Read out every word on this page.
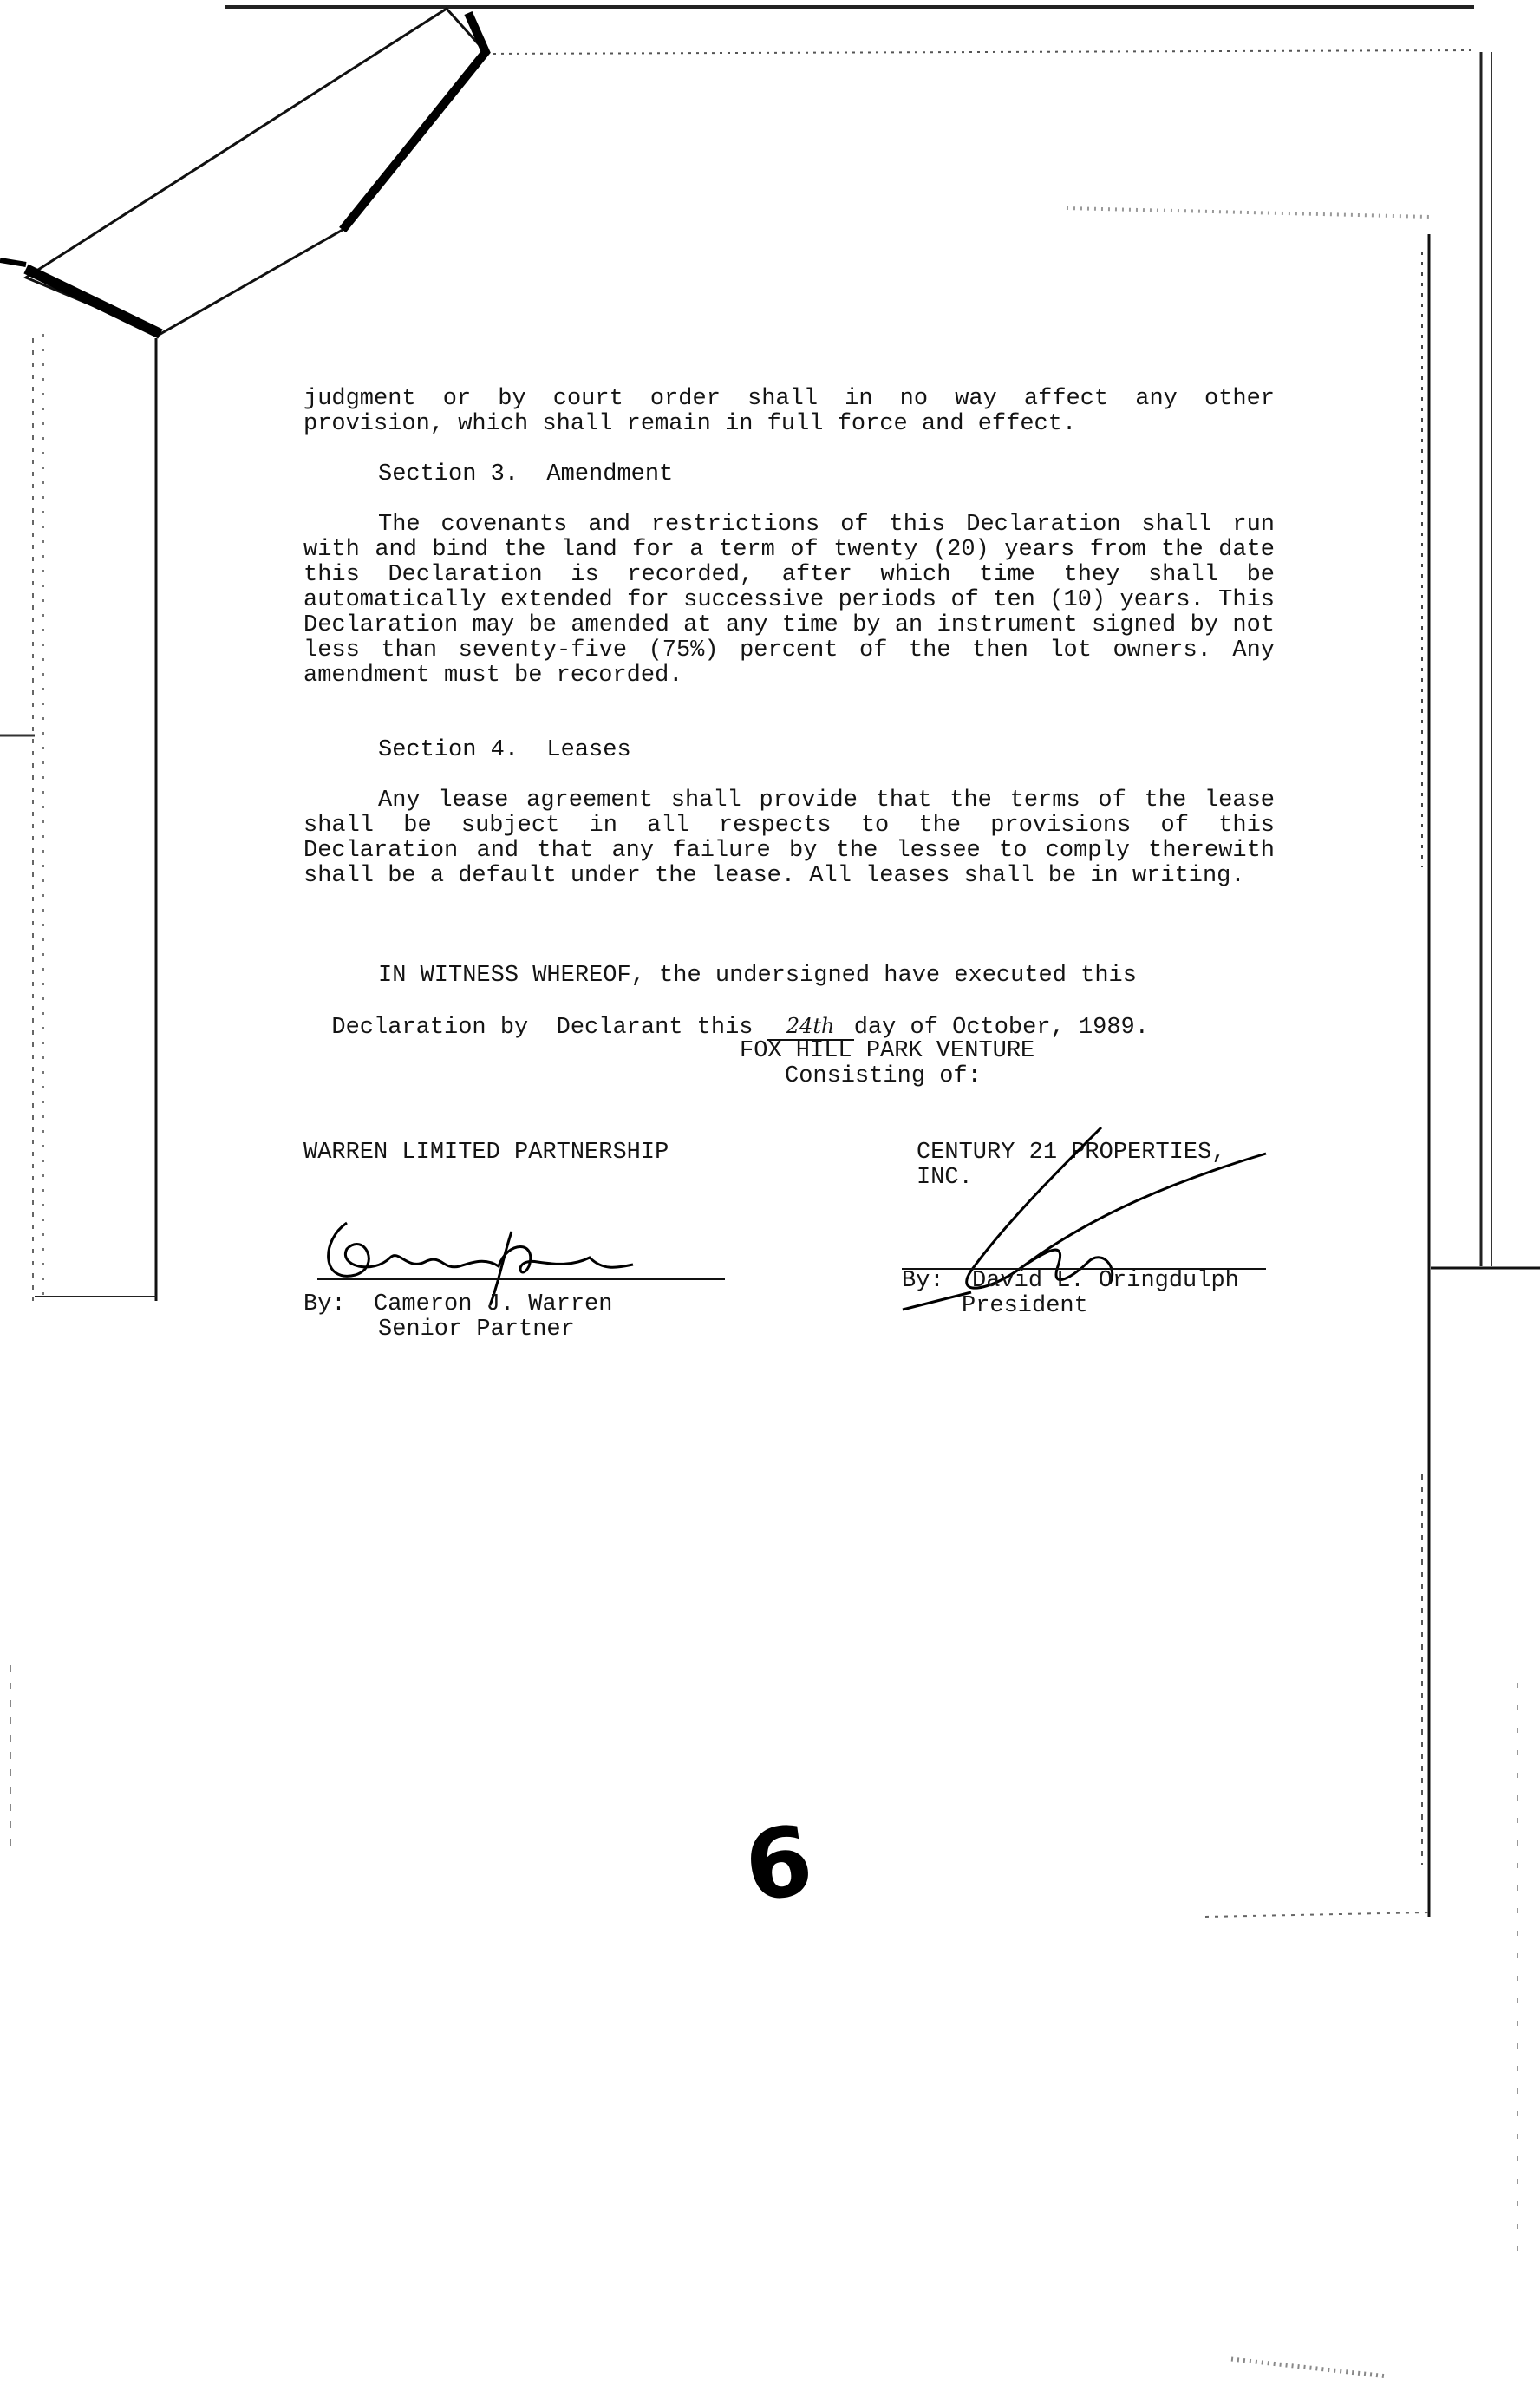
judgment or by court order shall in no way affect any other provision, which shall remain in full force and effect.
Section 3.  Amendment
The covenants and restrictions of this Declaration shall run with and bind the land for a term of twenty (20) years from the date this Declaration is recorded, after which time they shall be automatically extended for successive periods of ten (10) years. This Declaration may be amended at any time by an instrument signed by not less than seventy-five (75%) percent of the then lot owners. Any amendment must be recorded.
Section 4.  Leases
Any lease agreement shall provide that the terms of the lease shall be subject in all respects to the provisions of this Declaration and that any failure by the lessee to comply therewith shall be a default under the lease. All leases shall be in writing.
IN WITNESS WHEREOF, the undersigned have executed this

Declaration by  Declarant this 24th day of October, 1989.

FOX HILL PARK VENTURE
Consisting of:
WARREN LIMITED PARTNERSHIP
By:  Cameron J. Warren
Senior Partner
CENTURY 21 PROPERTIES,
INC.
By:  David L. Oringdulph
President
6
